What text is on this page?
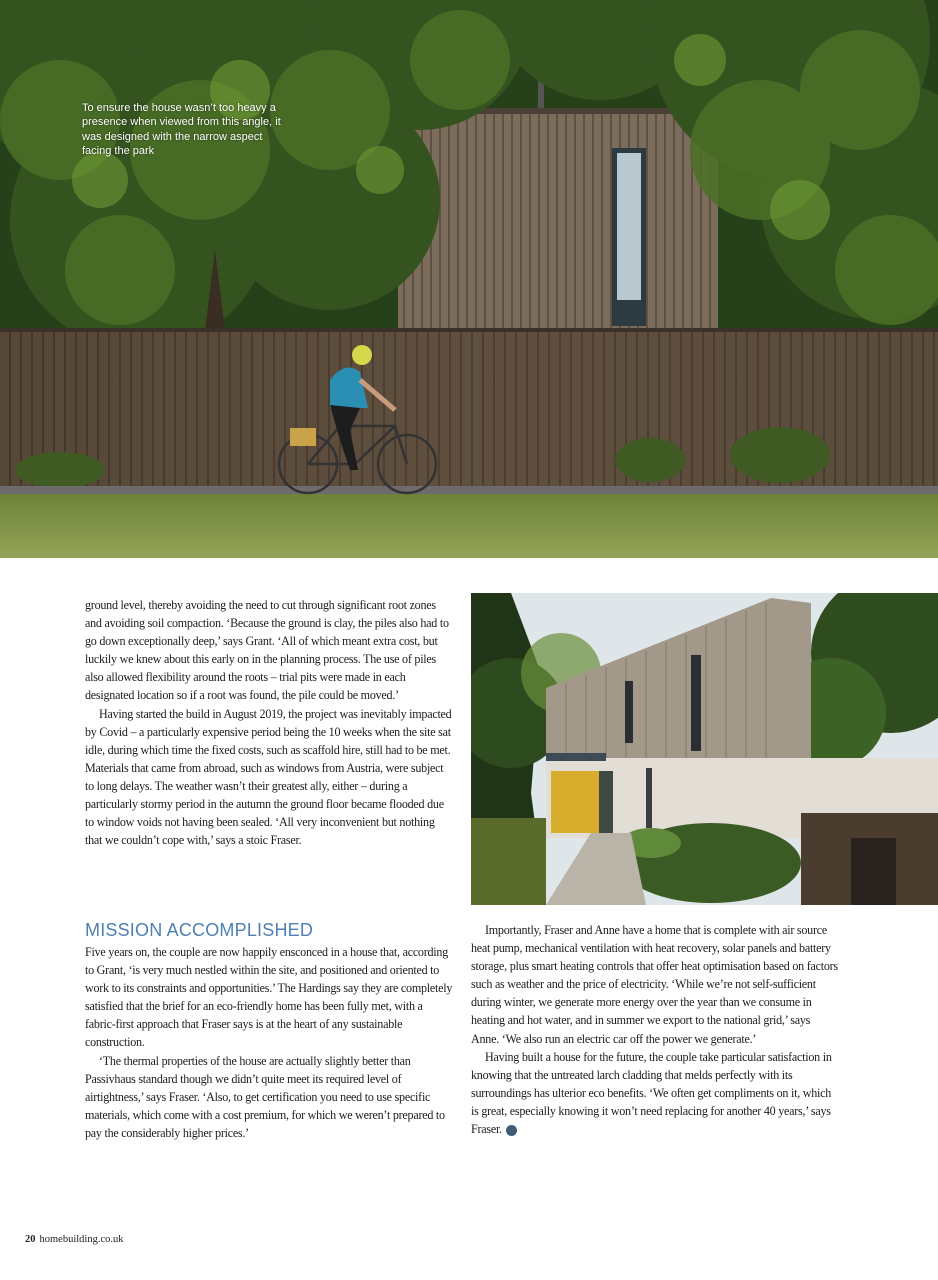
To ensure the house wasn’t too heavy a presence when viewed from this angle, it was designed with the narrow aspect facing the park

ground level, thereby avoiding the need to cut through significant root zones and avoiding soil compaction. ‘Because the ground is clay, the piles also had to go down exceptionally deep,’ says Grant. ‘All of which meant extra cost, but luckily we knew about this early on in the planning process. The use of piles also allowed flexibility around the roots – trial pits were made in each designated location so if a root was found, the pile could be moved.’

Having started the build in August 2019, the project was inevitably impacted by Covid – a particularly expensive period being the 10 weeks when the site sat idle, during which time the fixed costs, such as scaffold hire, still had to be met. Materials that came from abroad, such as windows from Austria, were subject to long delays. The weather wasn’t their greatest ally, either – during a particularly stormy period in the autumn the ground floor became flooded due to window voids not having been sealed. ‘All very inconvenient but nothing that we couldn’t cope with,’ says a stoic Fraser.

MISSION ACCOMPLISHED

Five years on, the couple are now happily ensconced in a house that, according to Grant, ‘is very much nestled within the site, and positioned and oriented to work to its constraints and opportunities.’ The Hardings say they are completely satisfied that the brief for an eco-friendly home has been fully met, with a fabric-first approach that Fraser says is at the heart of any sustainable construction.

‘The thermal properties of the house are actually slightly better than Passivhaus standard though we didn’t quite meet its required level of airtightness,’ says Fraser. ‘Also, to get certification you need to use specific materials, which come with a cost premium, for which we weren’t prepared to pay the considerably higher prices.’

Importantly, Fraser and Anne have a home that is complete with air source heat pump, mechanical ventilation with heat recovery, solar panels and battery storage, plus smart heating controls that offer heat optimisation based on factors such as weather and the price of electricity. ‘While we’re not self-sufficient during winter, we generate more energy over the year than we consume in heating and hot water, and in summer we export to the national grid,’ says Anne. ‘We also run an electric car off the power we generate.’

Having built a house for the future, the couple take particular satisfaction in knowing that the untreated larch cladding that melds perfectly with its surroundings has ulterior eco benefits. ‘We often get compliments on it, which is great, especially knowing it won’t need replacing for another 40 years,’ says Fraser. H

20 homebuilding.co.uk
